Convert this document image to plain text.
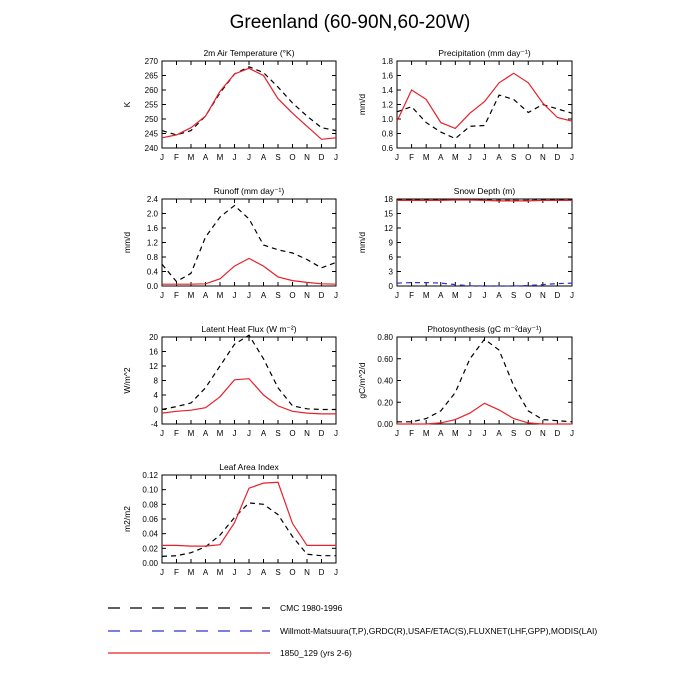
Greenland (60-90N,60-20W)
2m Air Temperature (°K)
240
245
250
255
260
265
270
J F M A M J J A S O N D J
K
Precipitation (mm day⁻¹)
0.6
0.8
1.0
1.2
1.4
1.6
1.8
J F M A M J J A S O N D J
mm/d
Runoff (mm day⁻¹)
0.0
0.4
0.8
1.2
1.6
2.0
2.4
J F M A M J J A S O N D J
mm/d
Snow Depth (m)
0
3
6
9
12
15
18
J F M A M J J A S O N D J
mm/d
Latent Heat Flux (W m⁻²)
-4
0
4
8
12
16
20
J F M A M J J A S O N D J
W/m^2
Photosynthesis (gC m⁻²day⁻¹)
0.00
0.20
0.40
0.60
0.80
J F M A M J J A S O N D J
gC/m^2/d
Leaf Area Index
0.00
0.02
0.04
0.06
0.08
0.10
0.12
J F M A M J J A S O N D J
m2/m2
CMC 1980-1996
Willmott-Matsuura(T,P),GRDC(R),USAF/ETAC(S),FLUXNET(LHF,GPP),MODIS(LAI)
1850_129 (yrs 2-6)
